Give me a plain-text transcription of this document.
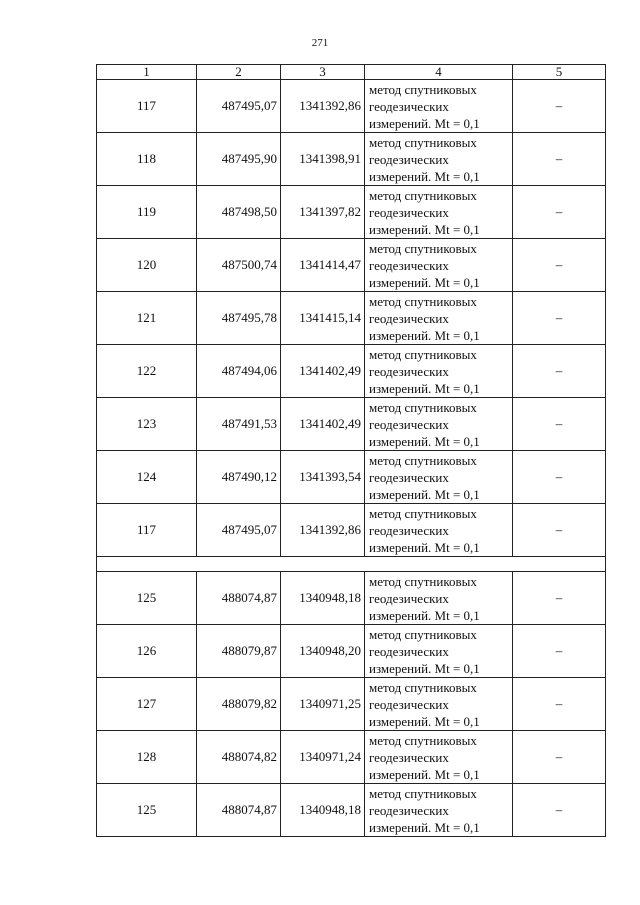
271
1	2	3	4	5
117	487495,07	1341392,86	метод спутниковых
геодезических
измерений. Mt = 0,1	–
118	487495,90	1341398,91	метод спутниковых
геодезических
измерений. Mt = 0,1	–
119	487498,50	1341397,82	метод спутниковых
геодезических
измерений. Mt = 0,1	–
120	487500,74	1341414,47	метод спутниковых
геодезических
измерений. Mt = 0,1	–
121	487495,78	1341415,14	метод спутниковых
геодезических
измерений. Mt = 0,1	–
122	487494,06	1341402,49	метод спутниковых
геодезических
измерений. Mt = 0,1	–
123	487491,53	1341402,49	метод спутниковых
геодезических
измерений. Mt = 0,1	–
124	487490,12	1341393,54	метод спутниковых
геодезических
измерений. Mt = 0,1	–
117	487495,07	1341392,86	метод спутниковых
геодезических
измерений. Mt = 0,1	–

125	488074,87	1340948,18	метод спутниковых
геодезических
измерений. Mt = 0,1	–
126	488079,87	1340948,20	метод спутниковых
геодезических
измерений. Mt = 0,1	–
127	488079,82	1340971,25	метод спутниковых
геодезических
измерений. Mt = 0,1	–
128	488074,82	1340971,24	метод спутниковых
геодезических
измерений. Mt = 0,1	–
125	488074,87	1340948,18	метод спутниковых
геодезических
измерений. Mt = 0,1	–
